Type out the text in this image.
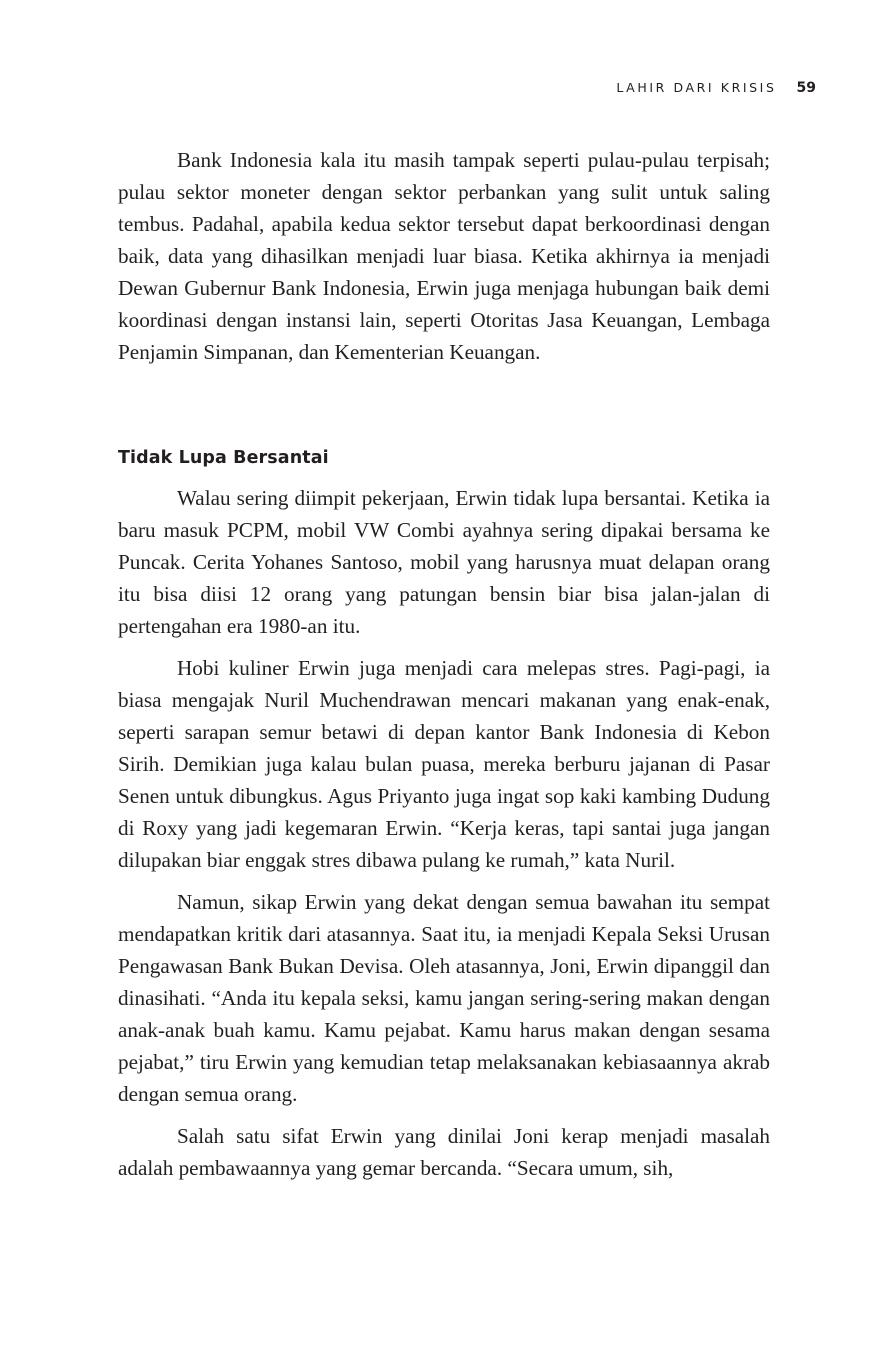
LAHIR DARI KRISIS 59

Bank Indonesia kala itu masih tampak seperti pulau-pulau terpisah; pulau sektor moneter dengan sektor perbankan yang sulit untuk saling tembus. Padahal, apabila kedua sektor tersebut dapat berkoordinasi dengan baik, data yang dihasilkan menjadi luar biasa. Ketika akhirnya ia menjadi Dewan Gubernur Bank Indonesia, Erwin juga menjaga hubungan baik demi koordinasi dengan instansi lain, seperti Otoritas Jasa Keuangan, Lembaga Penjamin Simpanan, dan Kementerian Keuangan.

Tidak Lupa Bersantai

Walau sering diimpit pekerjaan, Erwin tidak lupa bersantai. Ketika ia baru masuk PCPM, mobil VW Combi ayahnya sering dipakai bersama ke Puncak. Cerita Yohanes Santoso, mobil yang harusnya muat delapan orang itu bisa diisi 12 orang yang patungan bensin biar bisa jalan-jalan di pertengahan era 1980-an itu.

Hobi kuliner Erwin juga menjadi cara melepas stres. Pagi-pagi, ia biasa mengajak Nuril Muchendrawan mencari makanan yang enak-enak, seperti sarapan semur betawi di depan kantor Bank Indonesia di Kebon Sirih. Demikian juga kalau bulan puasa, mereka berburu jajanan di Pasar Senen untuk dibungkus. Agus Priyanto juga ingat sop kaki kambing Dudung di Roxy yang jadi kegemaran Erwin. “Kerja keras, tapi santai juga jangan dilupakan biar enggak stres dibawa pulang ke rumah,” kata Nuril.

Namun, sikap Erwin yang dekat dengan semua bawahan itu sempat mendapatkan kritik dari atasannya. Saat itu, ia menjadi Kepala Seksi Urusan Pengawasan Bank Bukan Devisa. Oleh atasannya, Joni, Erwin dipanggil dan dinasihati. “Anda itu kepala seksi, kamu jangan sering-sering makan dengan anak-anak buah kamu. Kamu pejabat. Kamu harus makan dengan sesama pejabat,” tiru Erwin yang kemudian tetap melaksanakan kebiasaannya akrab dengan semua orang.

Salah satu sifat Erwin yang dinilai Joni kerap menjadi masalah adalah pembawaannya yang gemar bercanda. “Secara umum, sih,
